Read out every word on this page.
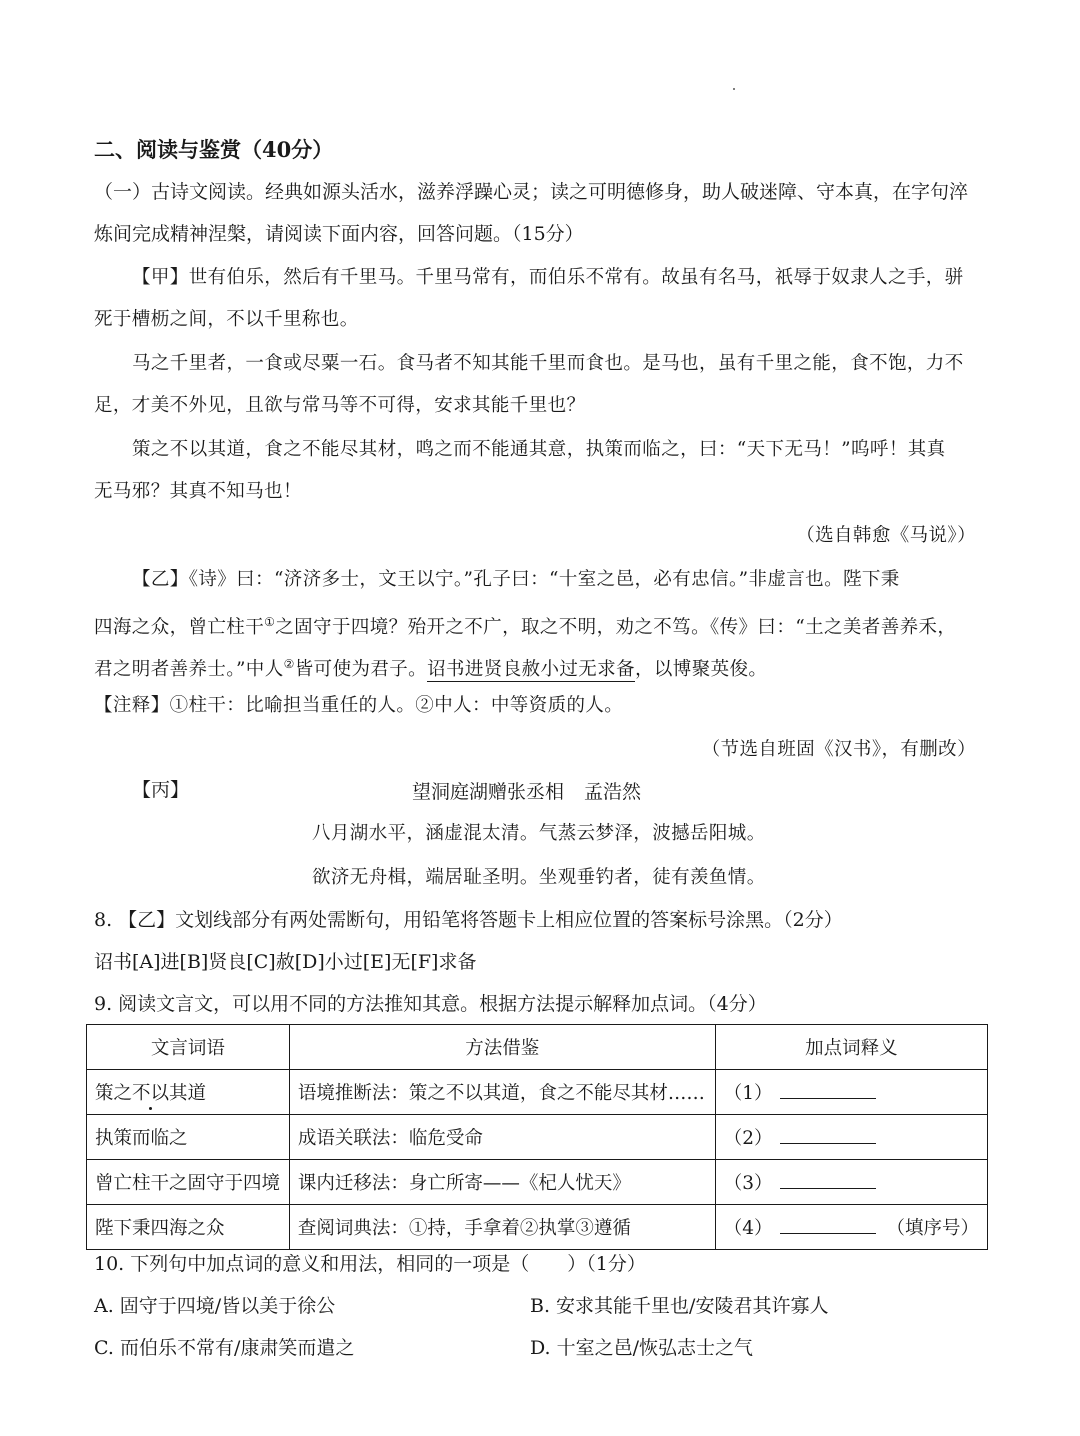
二、阅读与鉴赏（40分）
（一）古诗文阅读。经典如源头活水，滋养浮躁心灵；读之可明德修身，助人破迷障、守本真，在字句淬
炼间完成精神涅槃，请阅读下面内容，回答问题。（15分）
【甲】世有伯乐，然后有千里马。千里马常有，而伯乐不常有。故虽有名马，祇辱于奴隶人之手，骈
死于槽枥之间，不以千里称也。
马之千里者，一食或尽粟一石。食马者不知其能千里而食也。是马也，虽有千里之能，食不饱，力不
足，才美不外见，且欲与常马等不可得，安求其能千里也？
策之不以其道，食之不能尽其材，鸣之而不能通其意，执策而临之，曰：“天下无马！”呜呼！其真
无马邪？其真不知马也！
（选自韩愈《马说》）
【乙】《诗》曰：“济济多士，文王以宁。”孔子曰：“十室之邑，必有忠信。”非虚言也。陛下秉
四海之众，曾亡柱干①之固守于四境？殆开之不广，取之不明，劝之不笃。《传》曰：“土之美者善养禾，
君之明者善养士。”中人②皆可使为君子。诏书进贤良赦小过无求备，以博聚英俊。
【注释】①柱干：比喻担当重任的人。②中人：中等资质的人。
（节选自班固《汉书》，有删改）
【丙】	望洞庭湖赠张丞相 孟浩然
八月湖水平，涵虚混太清。气蒸云梦泽，波撼岳阳城。
欲济无舟楫，端居耻圣明。坐观垂钓者，徒有羡鱼情。
8. 【乙】文划线部分有两处需断句，用铅笔将答题卡上相应位置的答案标号涂黑。（2分）
诏书[A]进[B]贤良[C]赦[D]小过[E]无[F]求备
9. 阅读文言文，可以用不同的方法推知其意。根据方法提示解释加点词。（4分）
文言词语	方法借鉴	加点词释义
策之不以其道	语境推断法：策之不以其道，食之不能尽其材……	（1）
执策而临之	成语关联法：临危受命	（2）
曾亡柱干之固守于四境	课内迁移法：身亡所寄——《杞人忧天》	（3）
陛下秉四海之众	查阅词典法：①持，手拿着②执掌③遵循	（4） （填序号）
10. 下列句中加点词的意义和用法，相同的一项是（　　）（1分）
A. 固守于四境/皆以美于徐公	B. 安求其能千里也/安陵君其许寡人
C. 而伯乐不常有/康肃笑而遣之	D. 十室之邑/恢弘志士之气
